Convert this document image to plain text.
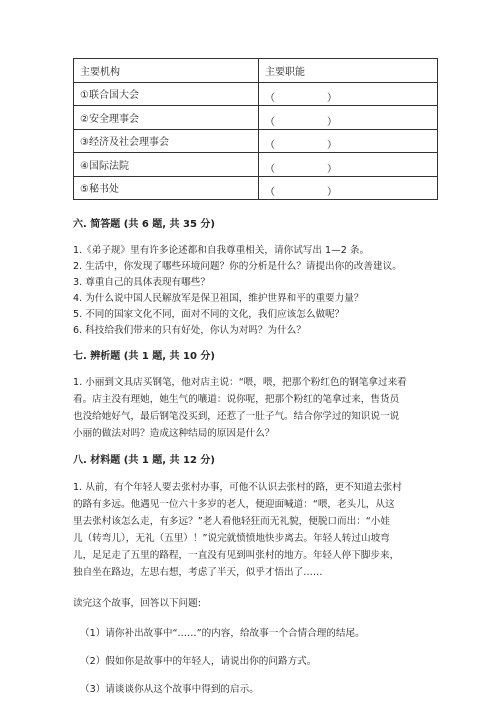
主要机构	主要职能
①联合国大会	（ ）

②安全理事会	（ ）

③经济及社会理事会	（ ）

④国际法院	（ ）

⑤秘书处	（ ）
六. 简答题 (共 6 题, 共 35 分)
1.《弟子规》里有许多论述都和自我尊重相关，请你试写出 1—2 条。
2. 生活中，你发现了哪些环境问题？你的分析是什么？请提出你的改善建议。
3. 尊重自己的具体表现有哪些？
4. 为什么说中国人民解放军是保卫祖国，维护世界和平的重要力量？
5. 不同的国家文化不同，面对不同的文化，我们应该怎么做呢？
6. 科技给我们带来的只有好处，你认为对吗？为什么？
七. 辨析题 (共 1 题, 共 10 分)
1. 小丽到文具店买钢笔，他对店主说：“喂，喂，把那个粉红色的钢笔拿过来看
看。店主没有理她，她生气的嚷道：说你呢，把那个粉红的笔拿过来，售货员
也没给她好气，最后钢笔没买到，还惹了一肚子气。结合你学过的知识说一说
小丽的做法对吗？造成这种结局的原因是什么？
八. 材料题 (共 1 题, 共 12 分)
1. 从前，有个年轻人要去张村办事，可他不认识去张村的路，更不知道去张村
的路有多远。他遇见一位六十多岁的老人，便迎面喊道：“喂，老头儿，从这
里去张村该怎么走，有多远？”老人看他轻狂而无礼貌，便脱口而出：“小娃
儿（转弯儿），无礼（五里）！”说完就愤愤地快步离去。年轻人转过山坡弯
儿，足足走了五里的路程，一直没有见到叫张村的地方。年轻人停下脚步来，
独自坐在路边，左思右想，考虑了半天，似乎才悟出了……
读完这个故事，回答以下问题:
（1）请你补出故事中“……”的内容，给故事一个合情合理的结尾。
（2）假如你是故事中的年轻人，请说出你的问路方式。
（3）请谈谈你从这个故事中得到的启示。
